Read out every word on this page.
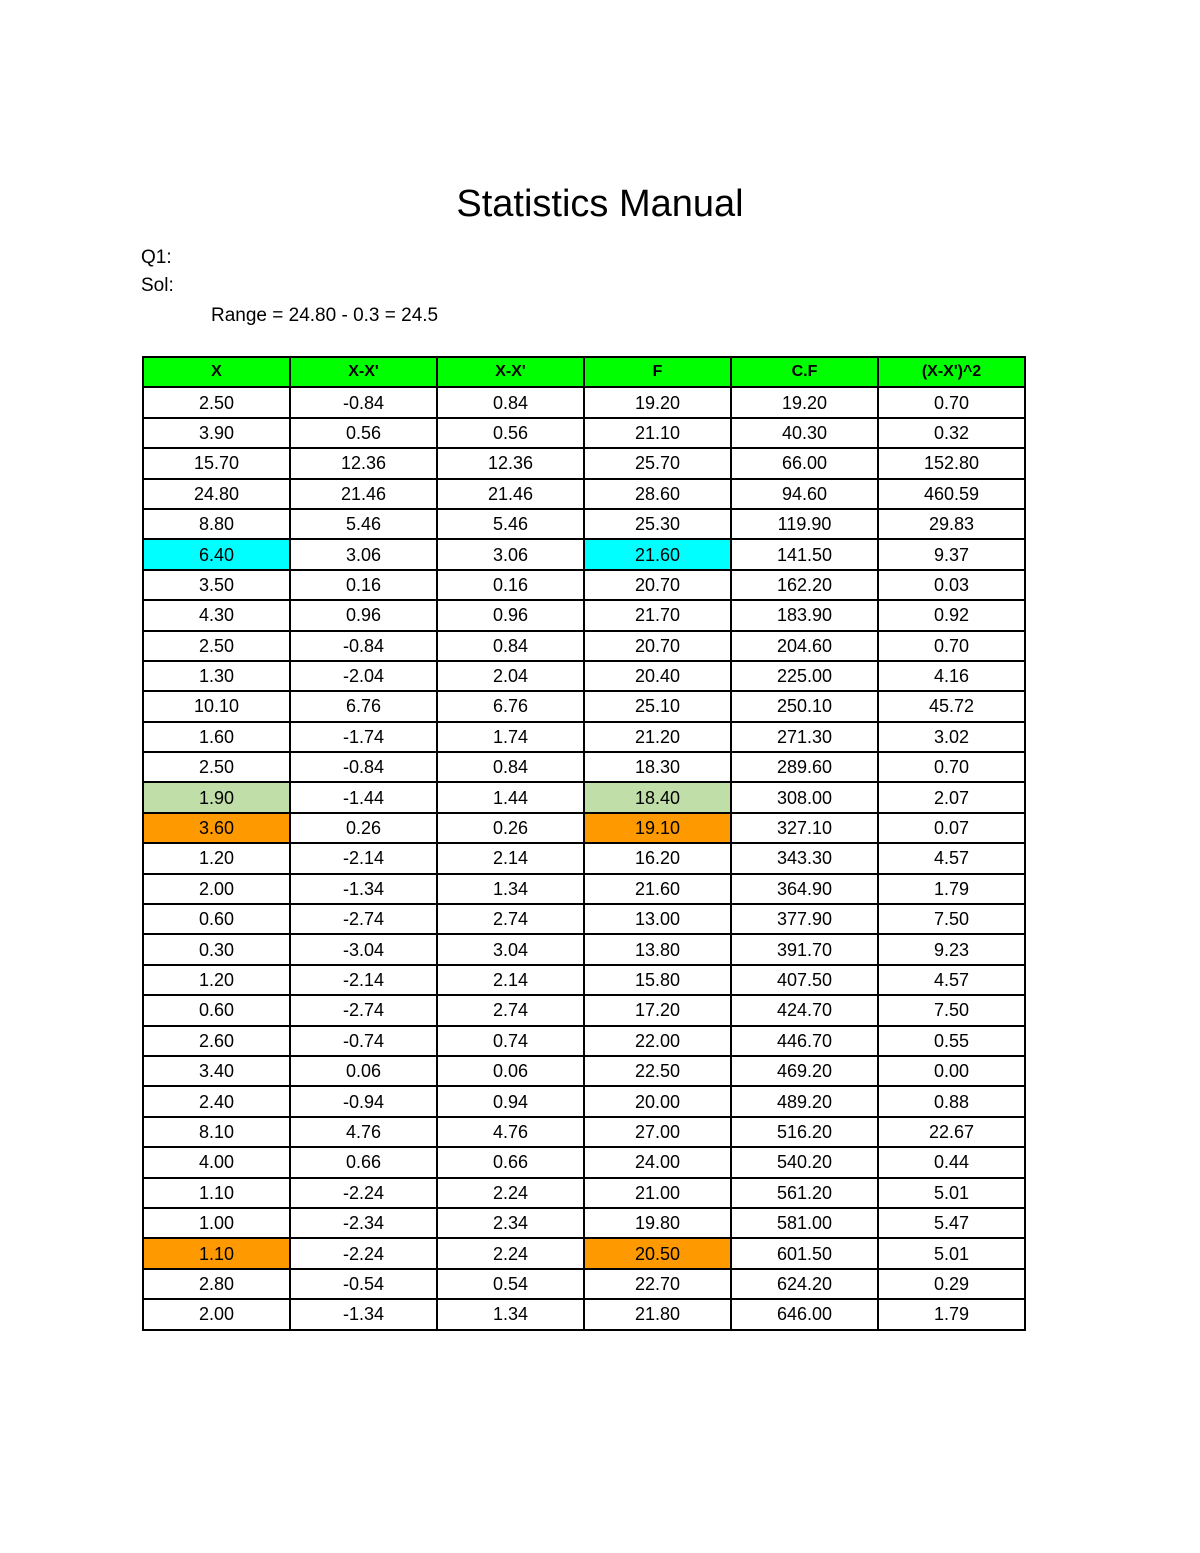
Statistics Manual
Q1:
Sol:
Range = 24.80 - 0.3 = 24.5
X	X-X'	X-X'	F	C.F	(X-X')^2
2.50	-0.84	0.84	19.20	19.20	0.70
3.90	0.56	0.56	21.10	40.30	0.32
15.70	12.36	12.36	25.70	66.00	152.80
24.80	21.46	21.46	28.60	94.60	460.59
8.80	5.46	5.46	25.30	119.90	29.83
6.40	3.06	3.06	21.60	141.50	9.37
3.50	0.16	0.16	20.70	162.20	0.03
4.30	0.96	0.96	21.70	183.90	0.92
2.50	-0.84	0.84	20.70	204.60	0.70
1.30	-2.04	2.04	20.40	225.00	4.16
10.10	6.76	6.76	25.10	250.10	45.72
1.60	-1.74	1.74	21.20	271.30	3.02
2.50	-0.84	0.84	18.30	289.60	0.70
1.90	-1.44	1.44	18.40	308.00	2.07
3.60	0.26	0.26	19.10	327.10	0.07
1.20	-2.14	2.14	16.20	343.30	4.57
2.00	-1.34	1.34	21.60	364.90	1.79
0.60	-2.74	2.74	13.00	377.90	7.50
0.30	-3.04	3.04	13.80	391.70	9.23
1.20	-2.14	2.14	15.80	407.50	4.57
0.60	-2.74	2.74	17.20	424.70	7.50
2.60	-0.74	0.74	22.00	446.70	0.55
3.40	0.06	0.06	22.50	469.20	0.00
2.40	-0.94	0.94	20.00	489.20	0.88
8.10	4.76	4.76	27.00	516.20	22.67
4.00	0.66	0.66	24.00	540.20	0.44
1.10	-2.24	2.24	21.00	561.20	5.01
1.00	-2.34	2.34	19.80	581.00	5.47
1.10	-2.24	2.24	20.50	601.50	5.01
2.80	-0.54	0.54	22.70	624.20	0.29
2.00	-1.34	1.34	21.80	646.00	1.79
